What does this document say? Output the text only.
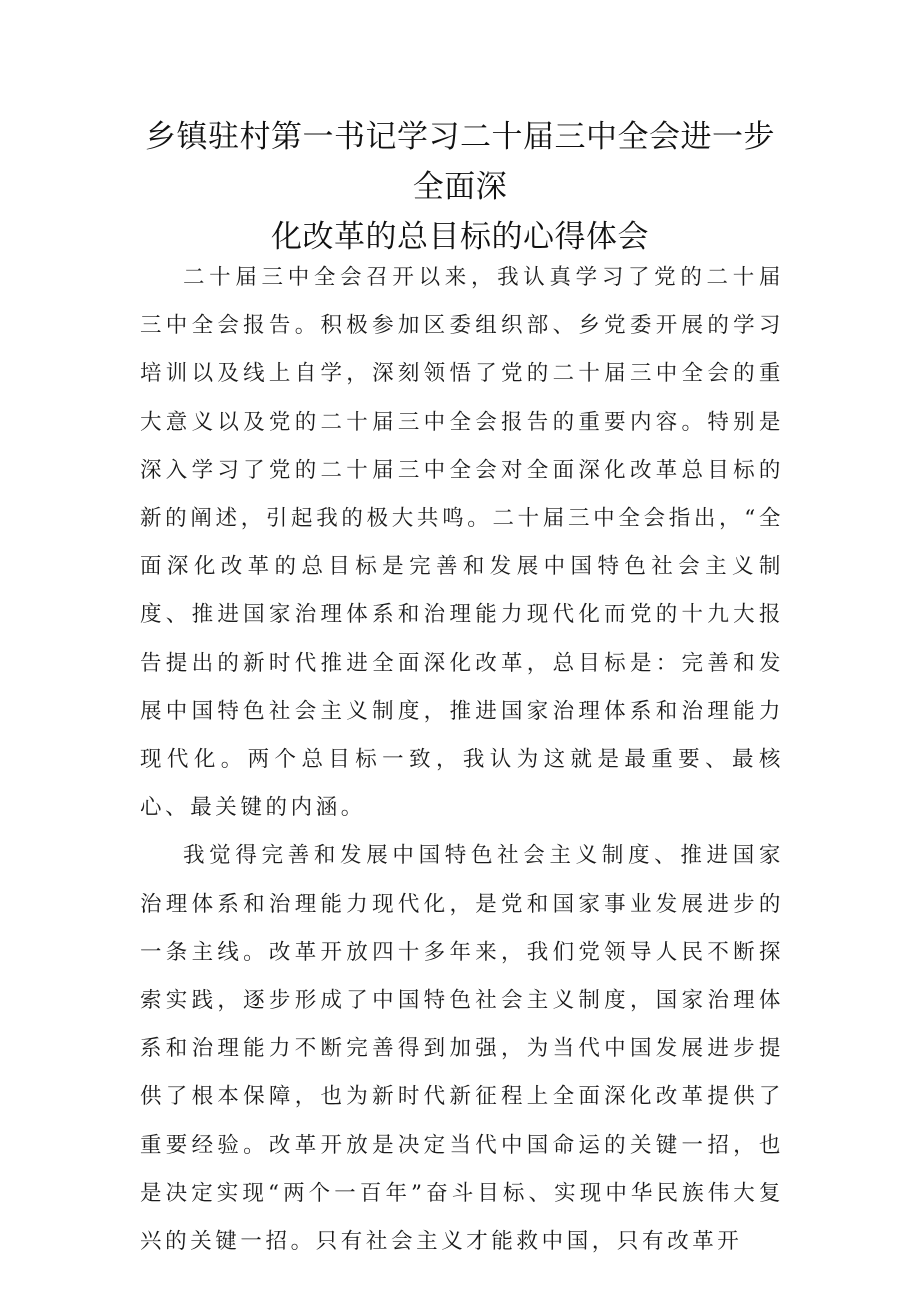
乡镇驻村第一书记学习二十届三中全会进一步全面深
化改革的总目标的心得体会

二十届三中全会召开以来，我认真学习了党的二十届三中全会报告。积极参加区委组织部、乡党委开展的学习培训以及线上自学，深刻领悟了党的二十届三中全会的重大意义以及党的二十届三中全会报告的重要内容。特别是深入学习了党的二十届三中全会对全面深化改革总目标的新的阐述，引起我的极大共鸣。二十届三中全会指出，“全面深化改革的总目标是完善和发展中国特色社会主义制度、推进国家治理体系和治理能力现代化而党的十九大报告提出的新时代推进全面深化改革，总目标是：完善和发展中国特色社会主义制度，推进国家治理体系和治理能力现代化。两个总目标一致，我认为这就是最重要、最核心、最关键的内涵。

我觉得完善和发展中国特色社会主义制度、推进国家治理体系和治理能力现代化，是党和国家事业发展进步的一条主线。改革开放四十多年来，我们党领导人民不断探索实践，逐步形成了中国特色社会主义制度，国家治理体系和治理能力不断完善得到加强，为当代中国发展进步提供了根本保障，也为新时代新征程上全面深化改革提供了重要经验。改革开放是决定当代中国命运的关键一招，也是决定实现“两个一百年”奋斗目标、实现中华民族伟大复兴的关键一招。只有社会主义才能救中国，只有改革开
